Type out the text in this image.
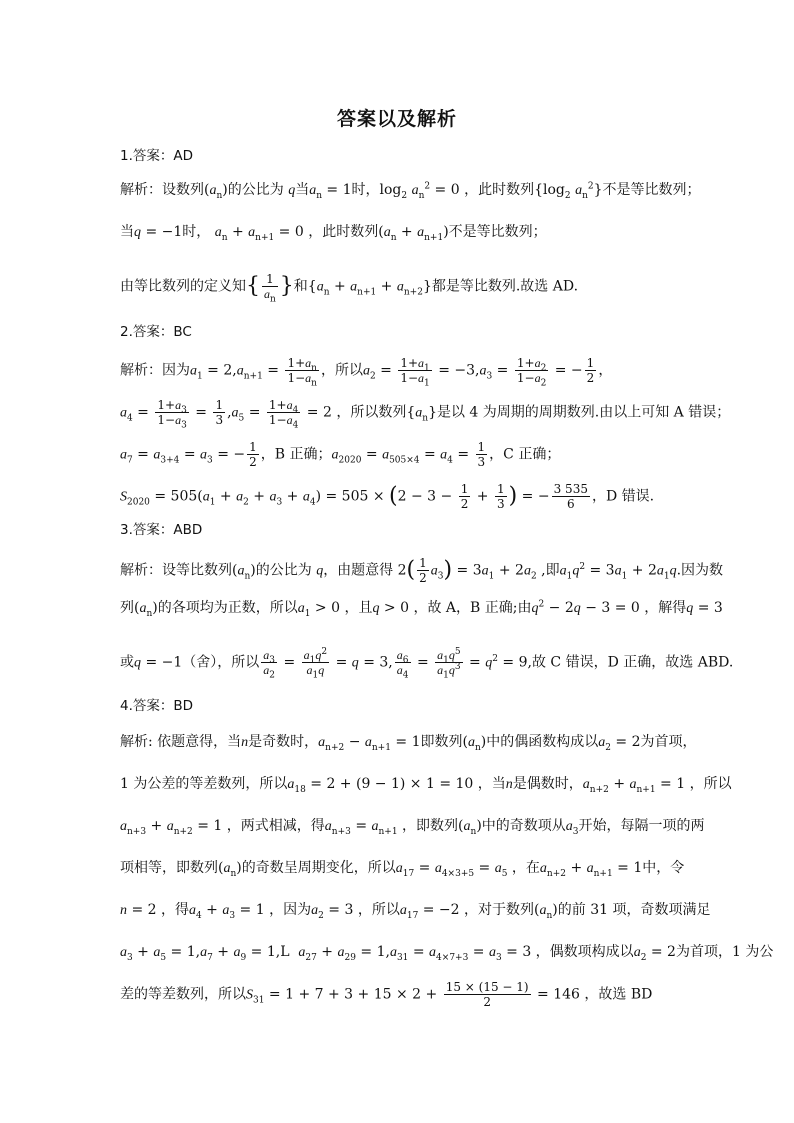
答案以及解析
1.答案：AD
解析：设数列$(a_n)$的公比为 q当$a_n = 1$时，$\log_2 a_n^2 = 0$ ，此时数列{$\log_2$ $a_n^2$}不是等比数列；
当q = −1时， $a_n + a_{n+1} = 0$ ，此时数列$(a_n + a_{n+1})$不是等比数列；
由等比数列的定义知{ $\frac{1}{a_n}$ }和$\{a_n + a_{n+1} + a_{n+2}\}$都是等比数列.故选 AD.
2.答案：BC
解析：因为$a_1 = 2,a_{n+1} = \frac{1+a_n}{1-a_n}$ ，所以$a_2 = \frac{1+a_1}{1-a_1} = -3,a_3 = \frac{1+a_2}{1-a_2}$ = − $\frac{1}{2}$ ，
$a_4 = \frac{1+a_3}{1-a_3} = \frac{1}{3} ,a_5 = \frac{1+a_4}{1-a_4} = 2$ ，所以数列$\{a_n\}$是以 4 为周期的周期数列.由以上可知 A 错误；
$a_7 = a_{3+4} = a_3$ = − $\frac{1}{2}$ ，B 正确；$a_{2020} = a_{505\times 4} = a_4 = \frac{1}{3}$ ，C 正确；
$S_{2020} = 505(a_1 + a_2 + a_3 + a_4) = 505 \times (2 - 3 - \frac{1}{2} + \frac{1}{3}$ ) = − $\frac{3 535}{6}$ ，D 错误.
3.答案：ABD
解析：设等比数列$(a_n)$的公比为 q，由题意得 $2( \frac{1}{2} a_3) = 3a_1 + 2a_2$ ,即$a_1q^2 = 3a_1 + 2a_1q$.因为数
列$(a_n)$的各项均为正数，所以$a_1 > 0$ ，且q > 0 ，故 A，B 正确;由$q^2 - 2q - 3 = 0$ ，解得q = 3
或q = −1（舍），所以 $\frac{a_3}{a_2} = \frac{a_1q^2}{a_1q} = q = 3$, $\frac{a_6}{a_4} = \frac{a_1q^5}{a_1q^3} = q^2 = 9$,故 C 错误，D 正确，故选 ABD.
4.答案：BD
解析: 依题意得，当n是奇数时，$a_{n+2} - a_{n+1} = 1$即数列$(a_n)$中的偶函数构成以$a_2 = 2$为首项，
1 为公差的等差数列，所以$a_{18} = 2 + (9 - 1) \times 1 = 10$ ，当n是偶数时，$a_{n+2} + a_{n+1} = 1$ ，所以
$a_{n+3} + a_{n+2} = 1$ ，两式相减，得$a_{n+3} = a_{n+1}$ ，即数列$(a_n)$中的奇数项从$a_3$开始，每隔一项的两
项相等，即数列$(a_n)$的奇数呈周期变化，所以$a_{17} = a_{4\times 3+5} = a_5$ ，在$a_{n+2} + a_{n+1} = 1$中，令
n = 2 ，得$a_4 + a_3 = 1$ ，因为$a_2 = 3$ ，所以$a_{17} = -2$ ，对于数列$(a_n)$的前 31 项，奇数项满足
$a_3 + a_5 = 1,a_7 + a_9 = 1,L$  $a_{27} + a_{29} = 1,a_{31} = a_{4\times 7+3} = a_3 = 3$ ，偶数项构成以$a_2 = 2$为首项，1 为公
差的等差数列，所以$S_{31} = 1 + 7 + 3 + 15 \times 2 + \frac{15 \times (15 - 1)}{2} = 146$ ，故选 BD
